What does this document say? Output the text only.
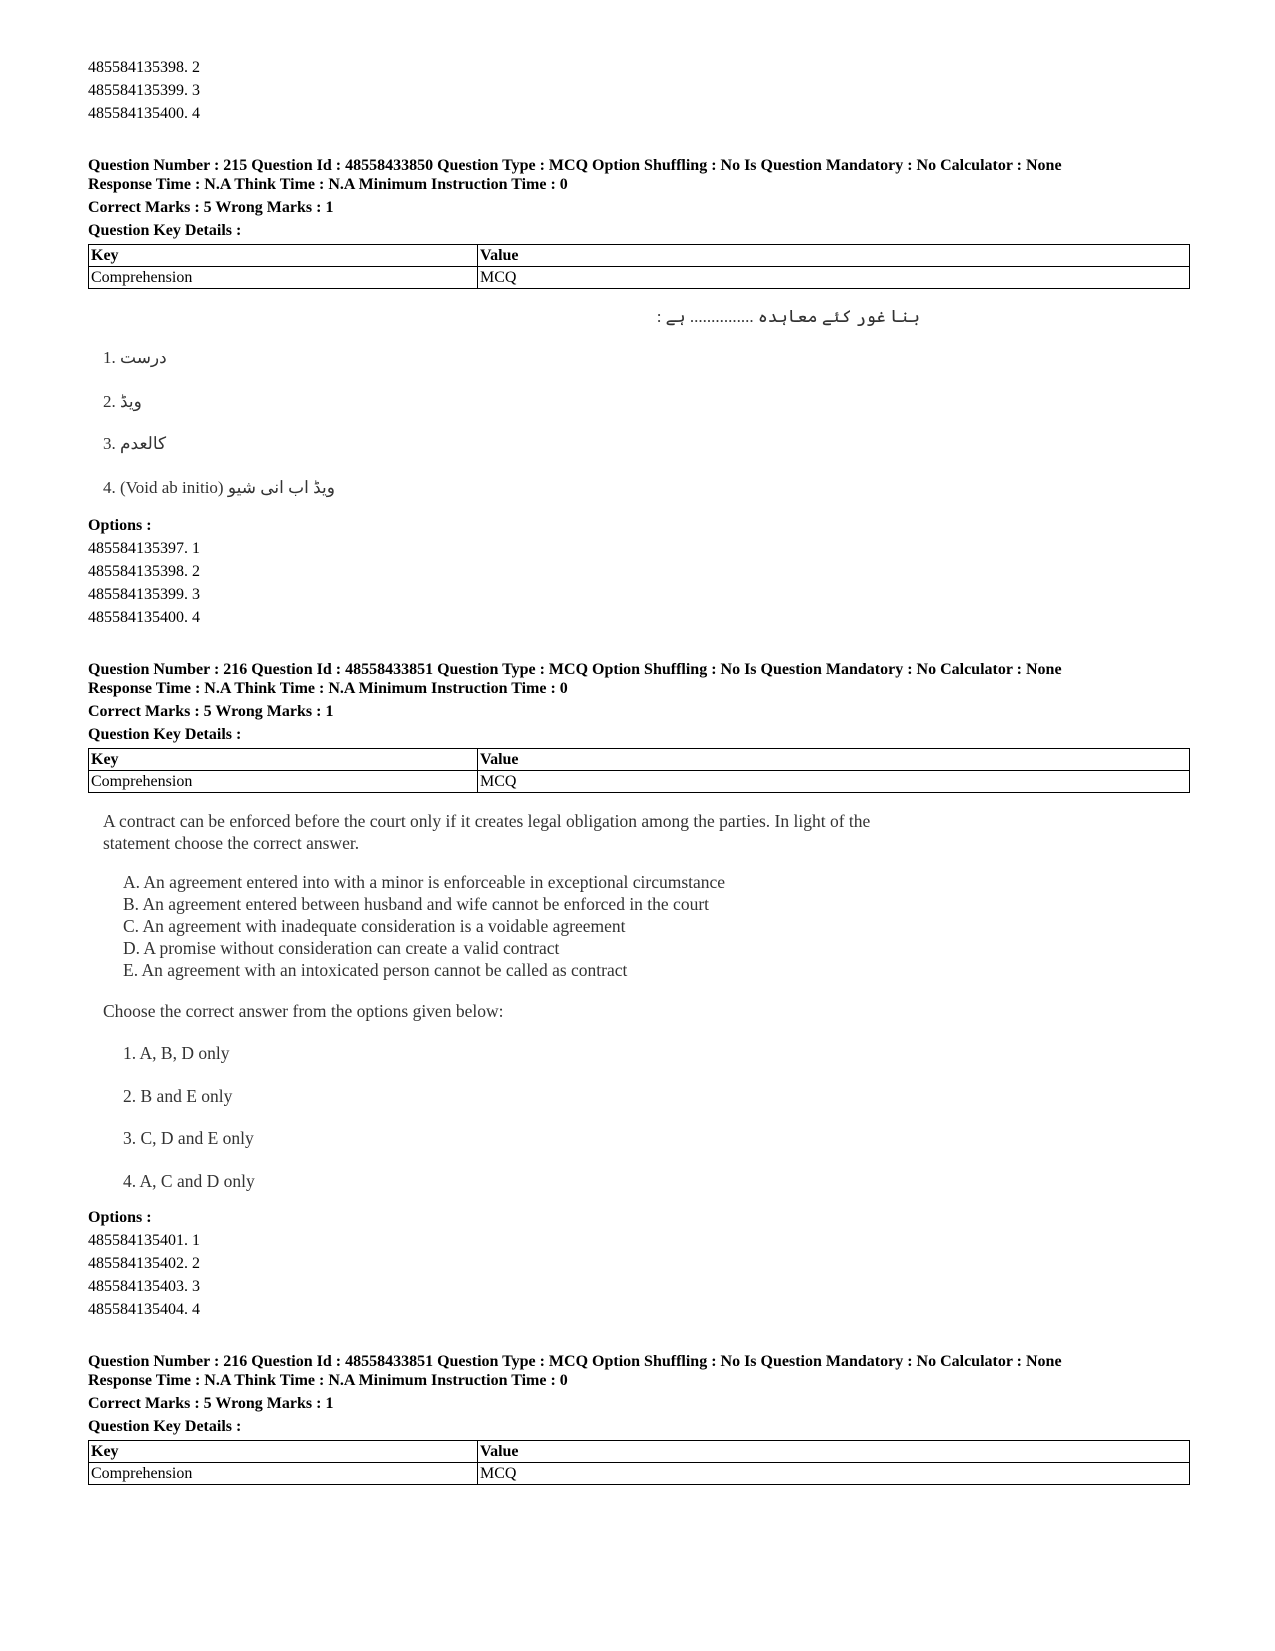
485584135398. 2
485584135399. 3
485584135400. 4
Question Number : 215 Question Id : 48558433850 Question Type : MCQ Option Shuffling : No Is Question Mandatory : No Calculator : None
Response Time : N.A Think Time : N.A Minimum Instruction Time : 0
Correct Marks : 5 Wrong Marks : 1
Question Key Details :
Key	Value
Comprehension	MCQ
بنا غور کئے معاہدہ ............... ہے :
1. درست
2. ویڈ
3. کالعدم
4. ویڈ اب انی شیو (Void ab initio)
Options :
485584135397. 1
485584135398. 2
485584135399. 3
485584135400. 4
Question Number : 216 Question Id : 48558433851 Question Type : MCQ Option Shuffling : No Is Question Mandatory : No Calculator : None
Response Time : N.A Think Time : N.A Minimum Instruction Time : 0
Correct Marks : 5 Wrong Marks : 1
Question Key Details :
Key	Value
Comprehension	MCQ
A contract can be enforced before the court only if it creates legal obligation among the parties. In light of the
statement choose the correct answer.
A. An agreement entered into with a minor is enforceable in exceptional circumstance
B. An agreement entered between husband and wife cannot be enforced in the court
C. An agreement with inadequate consideration is a voidable agreement
D. A promise without consideration can create a valid contract
E. An agreement with an intoxicated person cannot be called as contract
Choose the correct answer from the options given below:
1. A, B, D only
2. B and E only
3. C, D and E only
4. A, C and D only
Options :
485584135401. 1
485584135402. 2
485584135403. 3
485584135404. 4
Question Number : 216 Question Id : 48558433851 Question Type : MCQ Option Shuffling : No Is Question Mandatory : No Calculator : None
Response Time : N.A Think Time : N.A Minimum Instruction Time : 0
Correct Marks : 5 Wrong Marks : 1
Question Key Details :
Key	Value
Comprehension	MCQ
